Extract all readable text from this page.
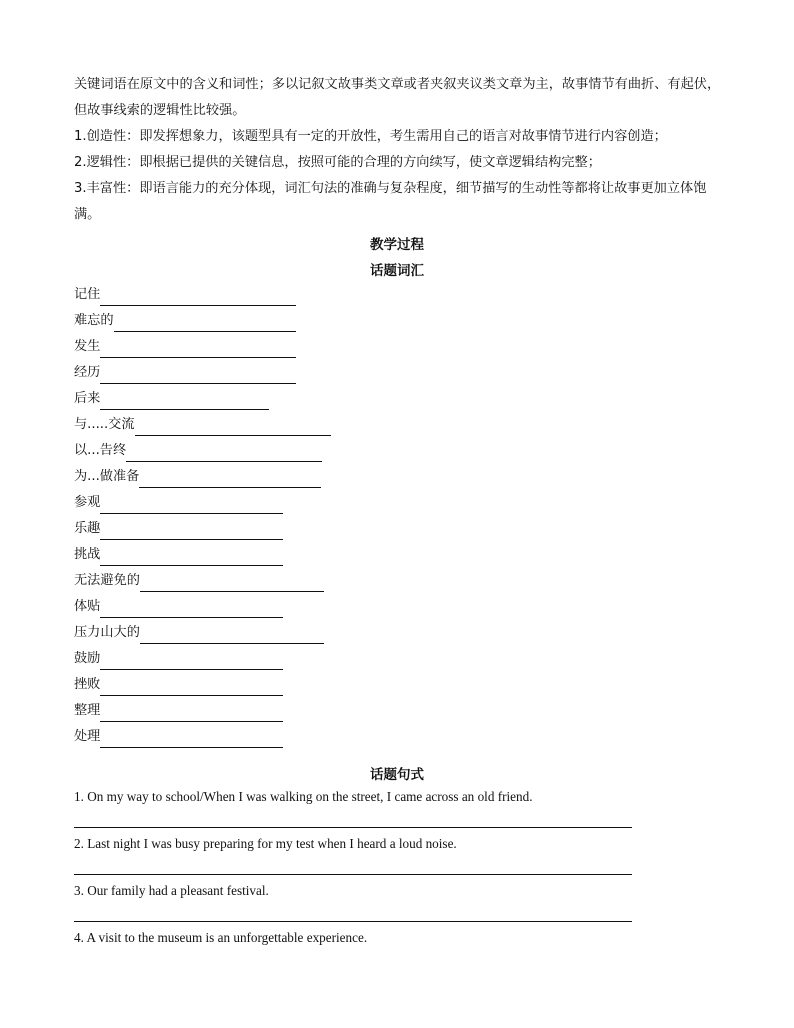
关键词语在原文中的含义和词性；多以记叙文故事类文章或者夹叙夹议类文章为主，故事情节有曲折、有起伏，但故事线索的逻辑性比较强。

1.创造性：即发挥想象力，该题型具有一定的开放性，考生需用自己的语言对故事情节进行内容创造；

2.逻辑性：即根据已提供的关键信息，按照可能的合理的方向续写，使文章逻辑结构完整；

3.丰富性：即语言能力的充分体现，词汇句法的准确与复杂程度，细节描写的生动性等都将让故事更加立体饱满。

教学过程
话题词汇
记住
难忘的
发生
经历
后来
与.....交流
以...告终
为...做准备
参观
乐趣
挑战
无法避免的
体贴
压力山大的
鼓励
挫败
整理
处理
话题句式
1. On my way to school/When I was walking on the street, I came across an old friend.
2. Last night I was busy preparing for my test when I heard a loud noise.
3. Our family had a pleasant festival.
4. A visit to the museum is an unforgettable experience.
